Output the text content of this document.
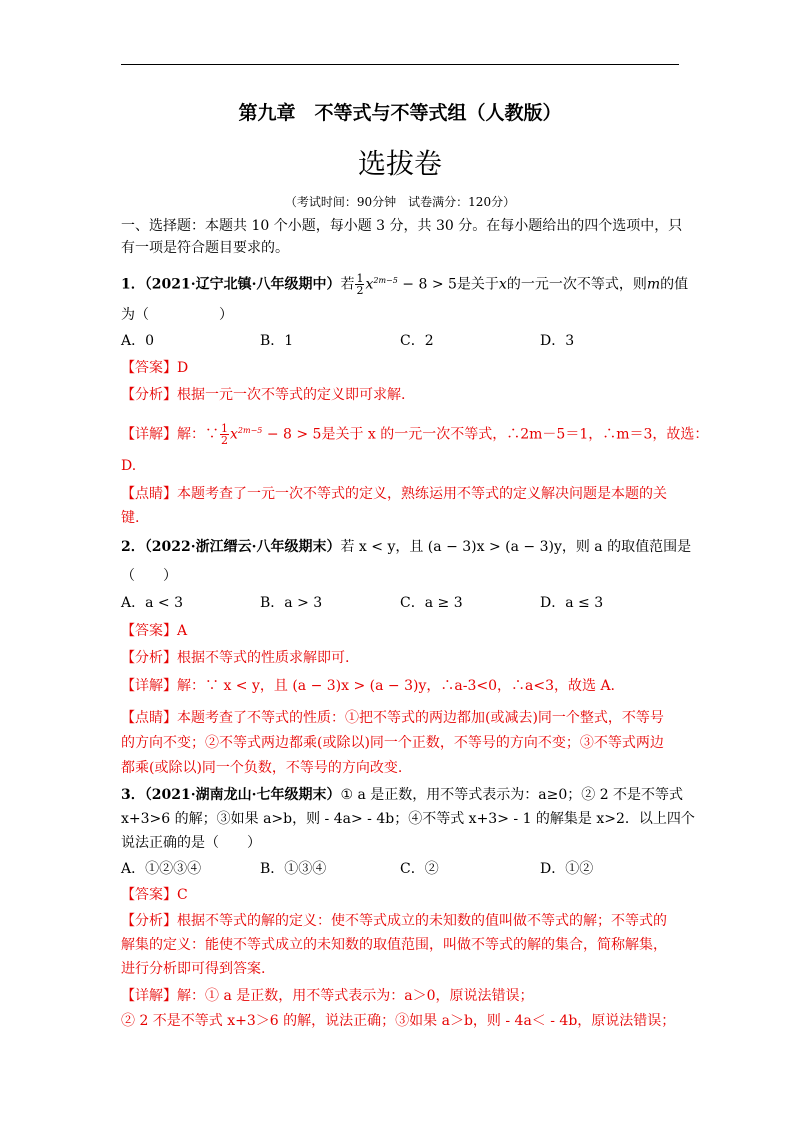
第九章　不等式与不等式组（人教版）
选拔卷
（考试时间：90分钟　试卷满分：120分）
一、选择题：本题共 10 个小题，每小题 3 分，共 30 分。在每小题给出的四个选项中，只
有一项是符合题目要求的。
1．（2021·辽宁北镇·八年级期中）若 $\frac{1}{2} x^{2m-5} - 8 > 5$是关于x的一元一次不等式，则m的值
为（　　　　　）
A．0	B．1	C．2	D．3
【答案】D
【分析】根据一元一次不等式的定义即可求解.
【详解】解：∵ $\frac{1}{2} x^{2m-5} - 8 > 5$是关于 x 的一元一次不等式，∴2m－5＝1，∴m＝3，故选：
D.
【点睛】本题考查了一元一次不等式的定义，熟练运用不等式的定义解决问题是本题的关
键.
2．（2022·浙江缙云·八年级期末）若 x < y，且 (a − 3)x > (a − 3)y，则 a 的取值范围是
（　　）
A．a < 3	B．a > 3	C．a ≥ 3	D．a ≤ 3
【答案】A
【分析】根据不等式的性质求解即可.
【详解】解：∵ x < y，且 (a − 3)x > (a − 3)y，∴a-3<0，∴a<3，故选 A.
【点睛】本题考查了不等式的性质：①把不等式的两边都加(或减去)同一个整式，不等号
的方向不变；②不等式两边都乘(或除以)同一个正数，不等号的方向不变；③不等式两边
都乘(或除以)同一个负数，不等号的方向改变.
3．（2021·湖南龙山·七年级期末）① a 是正数，用不等式表示为：a≥0；② 2 不是不等式
x+3>6 的解；③如果 a>b，则 - 4a> - 4b；④不等式 x+3> - 1 的解集是 x>2．以上四个
说法正确的是（　　）
A．①②③④	B．①③④	C．②	D．①②
【答案】C
【分析】根据不等式的解的定义：使不等式成立的未知数的值叫做不等式的解；不等式的
解集的定义：能使不等式成立的未知数的取值范围，叫做不等式的解的集合，简称解集，
进行分析即可得到答案.
【详解】解：① a 是正数，用不等式表示为：a＞0，原说法错误；
② 2 不是不等式 x+3＞6 的解，说法正确；③如果 a＞b，则 - 4a＜ - 4b，原说法错误；
